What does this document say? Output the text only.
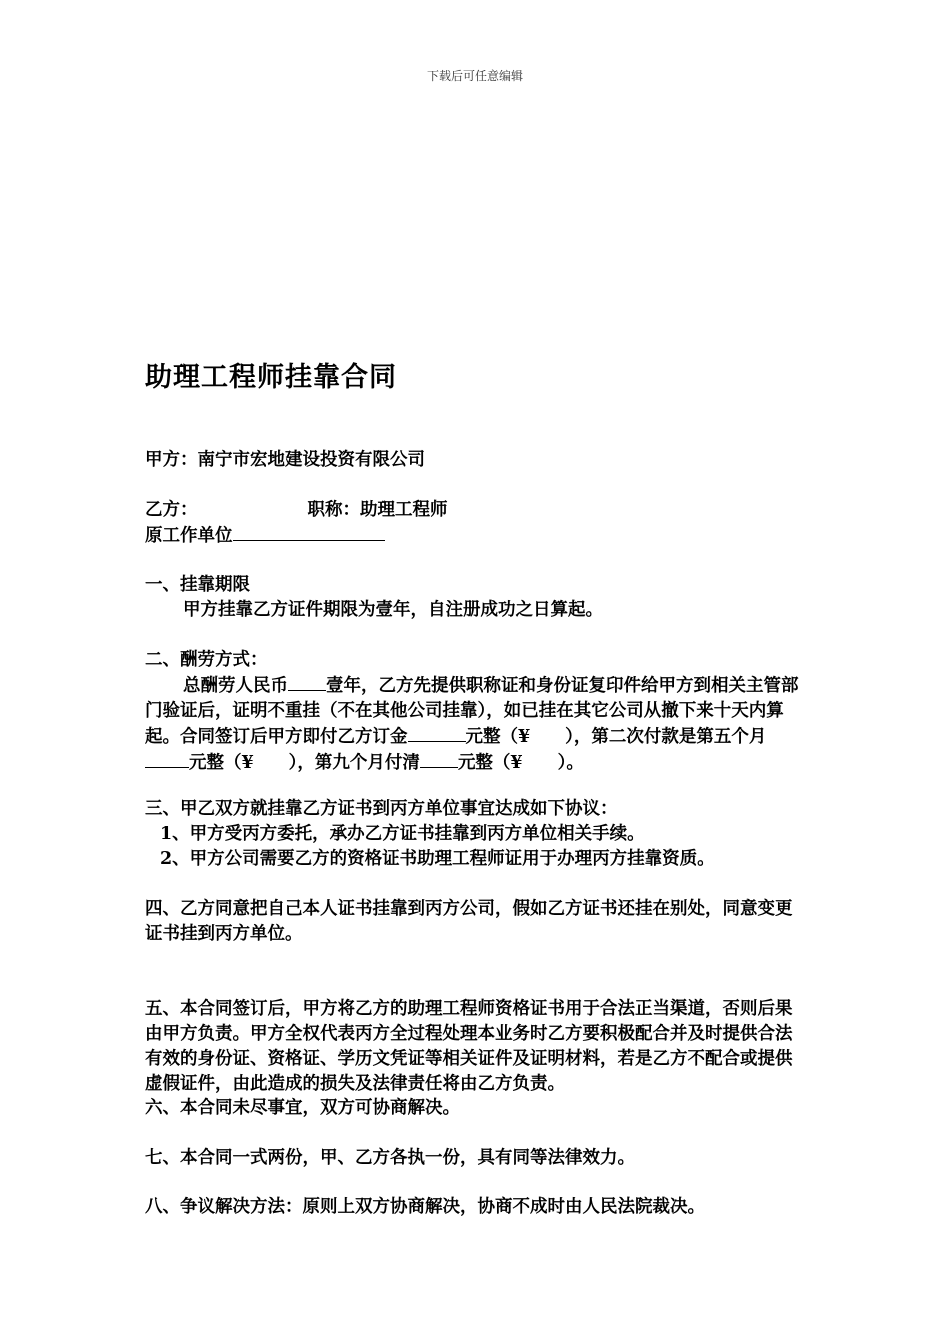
下载后可任意编辑
助理工程师挂靠合同
甲方：南宁市宏地建设投资有限公司
乙方：	职称：助理工程师
原工作单位
一、挂靠期限
甲方挂靠乙方证件期限为壹年，自注册成功之日算起。
二、酬劳方式：
总酬劳人民币 壹年，乙方先提供职称证和身份证复印件给甲方到相关主管部门验证后，证明不重挂（不在其他公司挂靠），如已挂在其它公司从撤下来十天内算起。合同签订后甲方即付乙方订金	元整（¥　　），第二次付款是第五个月元整（¥　　），第九个月付清 元整（¥　　）。
三、甲乙双方就挂靠乙方证书到丙方单位事宜达成如下协议：
1、甲方受丙方委托，承办乙方证书挂靠到丙方单位相关手续。
2、甲方公司需要乙方的资格证书助理工程师证用于办理丙方挂靠资质。
四、乙方同意把自己本人证书挂靠到丙方公司，假如乙方证书还挂在别处，同意变更证书挂到丙方单位。
五、本合同签订后，甲方将乙方的助理工程师资格证书用于合法正当渠道，否则后果由甲方负责。甲方全权代表丙方全过程处理本业务时乙方要积极配合并及时提供合法有效的身份证、资格证、学历文凭证等相关证件及证明材料，若是乙方不配合或提供虚假证件，由此造成的损失及法律责任将由乙方负责。
六、本合同未尽事宜，双方可协商解决。
七、本合同一式两份，甲、乙方各执一份，具有同等法律效力。
八、争议解决方法：原则上双方协商解决，协商不成时由人民法院裁决。
